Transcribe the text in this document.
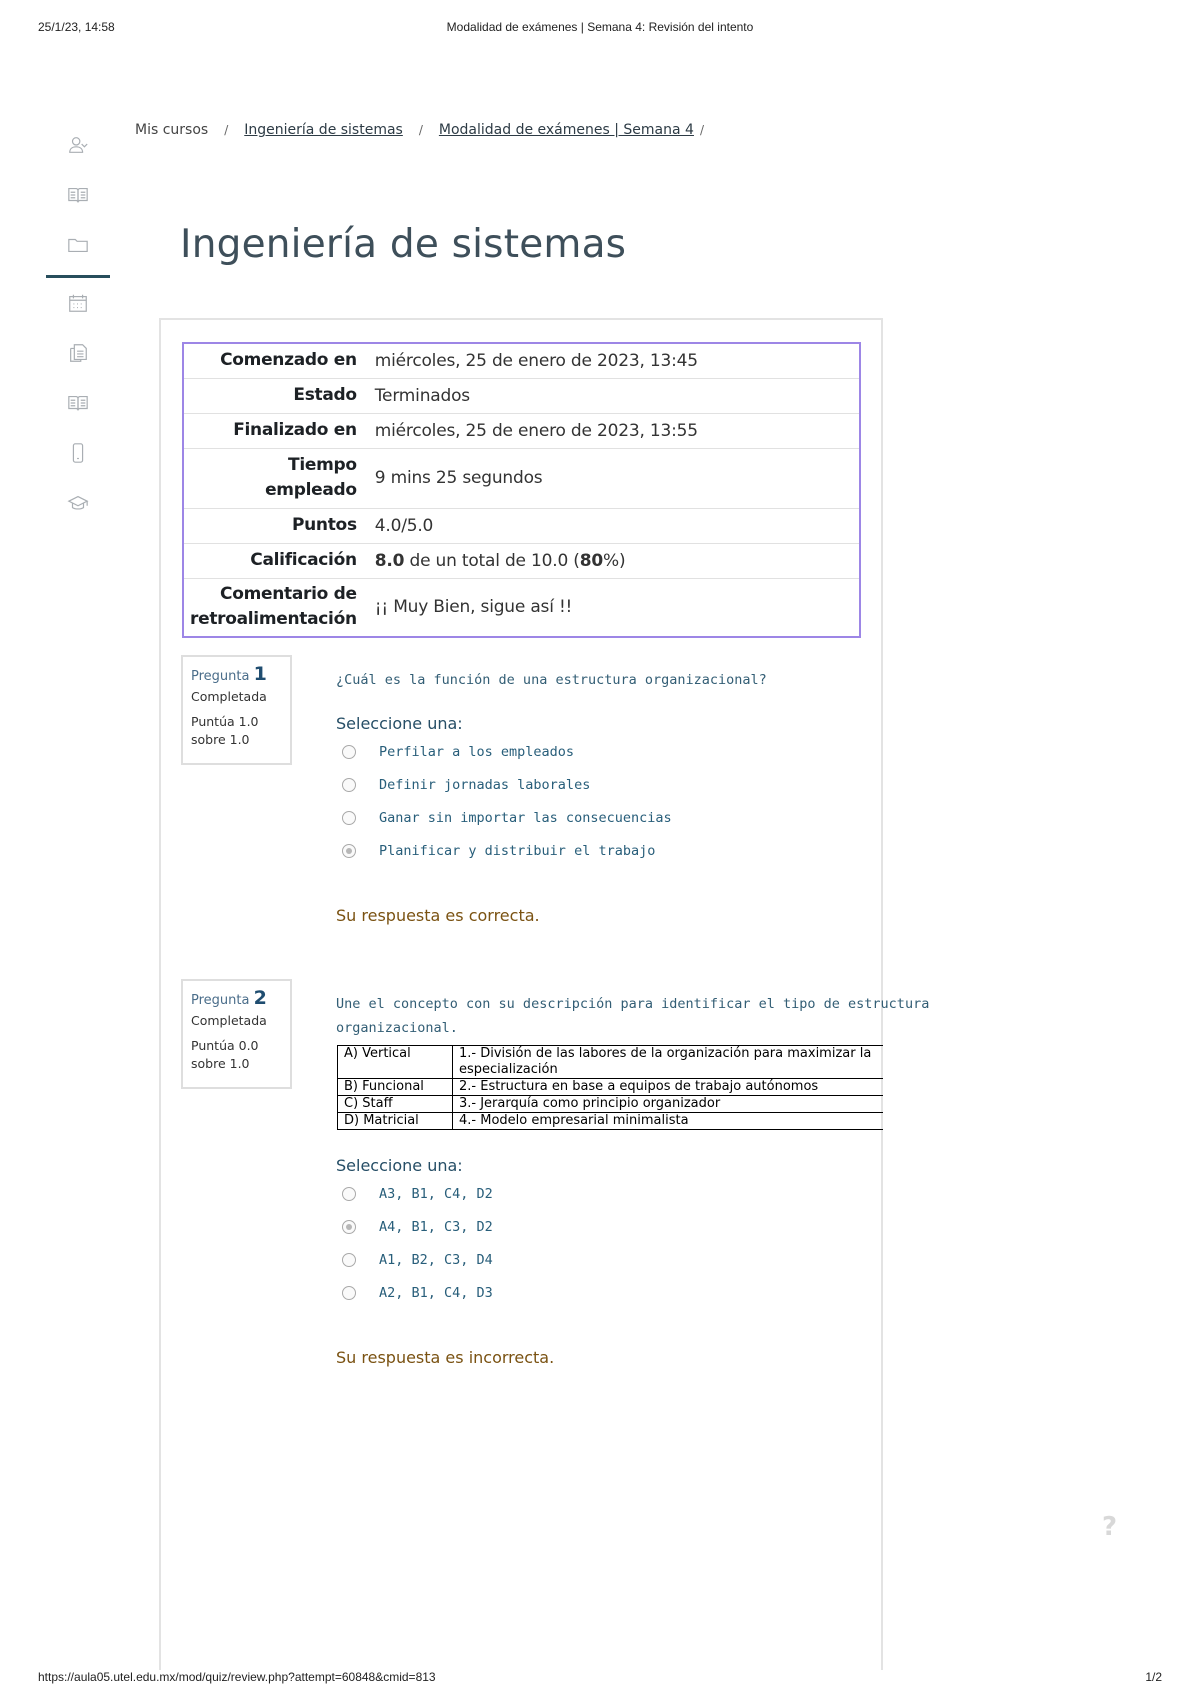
25/1/23, 14:58	Modalidad de exámenes | Semana 4: Revisión del intento
Mis cursos / Ingeniería de sistemas / Modalidad de exámenes | Semana 4 /
Ingeniería de sistemas
Comenzado en	miércoles, 25 de enero de 2023, 13:45
Estado	Terminados
Finalizado en	miércoles, 25 de enero de 2023, 13:55
Tiempo
empleado	9 mins 25 segundos
Puntos	4.0/5.0
Calificación	8.0 de un total de 10.0 (80%)
Comentario de
retroalimentación	¡¡ Muy Bien, sigue así !!
Pregunta 1
Completada
Puntúa 1.0
sobre 1.0
¿Cuál es la función de una estructura organizacional?
Seleccione una:
Perfilar a los empleados
Definir jornadas laborales
Ganar sin importar las consecuencias
Planificar y distribuir el trabajo
Su respuesta es correcta.
Pregunta 2
Completada
Puntúa 0.0
sobre 1.0
Une el concepto con su descripción para identificar el tipo de estructura
organizacional.
A) Vertical	1.- División de las labores de la organización para maximizar la especialización
B) Funcional	2.- Estructura en base a equipos de trabajo autónomos
C) Staff	3.- Jerarquía como principio organizador
D) Matricial	4.- Modelo empresarial minimalista
Seleccione una:
A3, B1, C4, D2
A4, B1, C3, D2
A1, B2, C3, D4
A2, B1, C4, D3
Su respuesta es incorrecta.
?
https://aula05.utel.edu.mx/mod/quiz/review.php?attempt=60848&cmid=813	1/2
